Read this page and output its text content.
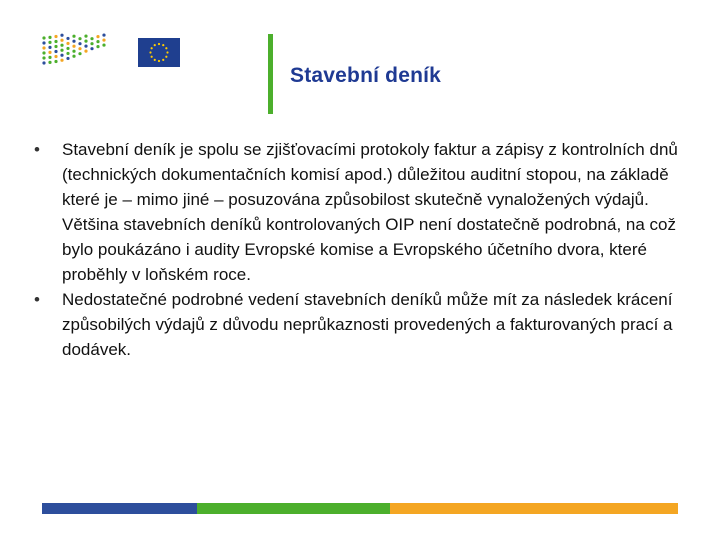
Stavební deník
• Stavební deník je spolu se zjišťovacími protokoly faktur a zápisy z kontrolních dnů (technických dokumentačních komisí apod.) důležitou auditní stopou, na základě které je – mimo jiné – posuzována způsobilost skutečně vynaložených výdajů. Většina stavebních deníků kontrolovaných OIP není dostatečně podrobná, na což bylo poukázáno i audity Evropské komise a Evropského účetního dvora, které proběhly v loňském roce.
• Nedostatečné podrobné vedení stavebních deníků může mít za následek krácení způsobilých výdajů z důvodu neprůkaznosti provedených a fakturovaných prací a dodávek.
